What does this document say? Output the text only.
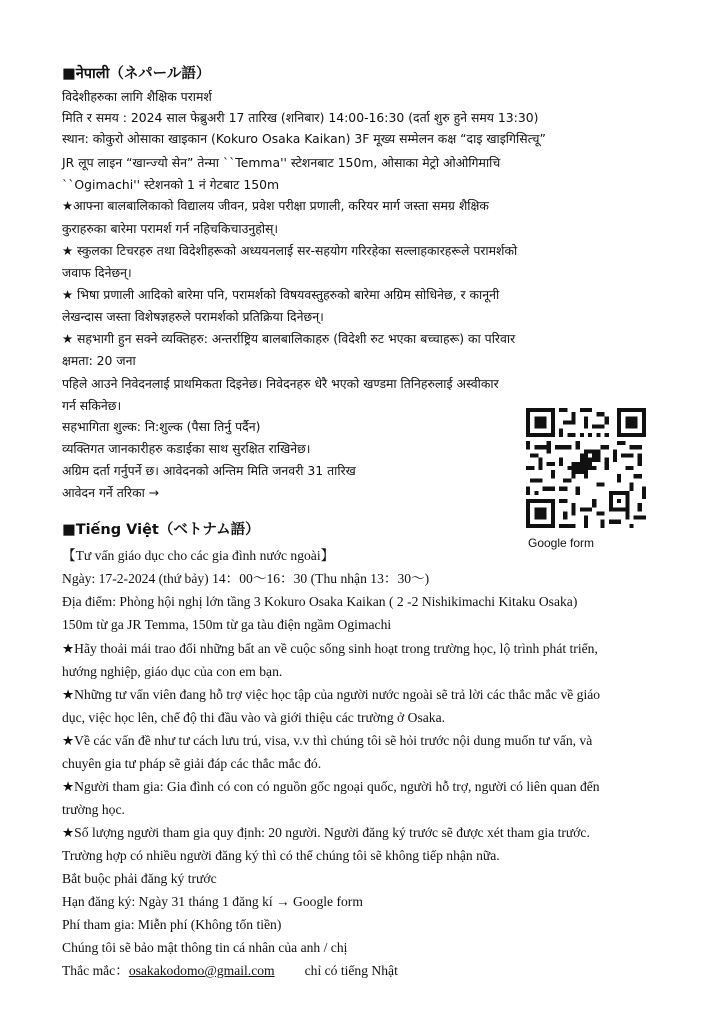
■नेपाली（ネパール語）
विदेशीहरुका लागि शैक्षिक परामर्श
मिति र समय : 2024 साल फेब्रुअरी 17 तारिख (शनिबार) 14:00-16:30 (दर्ता शुरु हुने समय 13:30)
स्थान: कोकुरो ओसाका खाइकान (Kokuro Osaka Kaikan) 3F मूख्य सम्मेलन कक्ष “दाइ खाइगिसित्चू”
JR लूप लाइन “खान्ज्यो सेन” तेन्मा ``Temma'' स्टेशनबाट 150m, ओसाका मेट्रो ओओगिमाचि
``Ogimachi'' स्टेशनको 1 नं गेटबाट 150m
★आफ्ना बालबालिकाको विद्यालय जीवन, प्रवेश परीक्षा प्रणाली, करियर मार्ग जस्ता समग्र शैक्षिक
कुराहरुका बारेमा परामर्श गर्न नहिचकिचाउनुहोस्।
★ स्कुलका टिचरहरु तथा विदेशीहरूको अध्ययनलाई सर-सहयोग गरिरहेका सल्लाहकारहरूले परामर्शको
जवाफ दिनेछन्।
★ भिषा प्रणाली आदिको बारेमा पनि, परामर्शको विषयवस्तुहरुको बारेमा अग्रिम सोधिनेछ, र कानूनी
लेखन्दास जस्ता विशेषज्ञहरुले परामर्शको प्रतिक्रिया दिनेछन्।
★ सहभागी हुन सक्ने व्यक्तिहरु: अन्तर्राष्ट्रिय बालबालिकाहरु (विदेशी रुट भएका बच्चाहरू) का परिवार
क्षमता: 20 जना
पहिले आउने निवेदनलाई प्राथमिकता दिइनेछ। निवेदनहरु धेरै भएको खण्डमा तिनिहरुलाई अस्वीकार
गर्न सकिनेछ।
सहभागिता शुल्क: नि:शुल्क (पैसा तिर्नु पर्दैन)
व्यक्तिगत जानकारीहरु कडाईका साथ सुरक्षित राखिनेछ।
अग्रिम दर्ता गर्नुपर्ने छ। आवेदनको अन्तिम मिति जनवरी 31 तारिख
आवेदन गर्ने तरिका →
Google form
■Tiếng Việt（ベトナム語）
【Tư vấn giáo dục cho các gia đình nước ngoài】
Ngày: 17-2-2024 (thứ bảy) 14：00～16：30 (Thu nhận 13：30～)
Địa điểm: Phòng hội nghị lớn tầng 3 Kokuro Osaka Kaikan ( 2 -2 Nishikimachi Kitaku Osaka)
150m từ ga JR Temma, 150m từ ga tàu điện ngầm Ogimachi
★Hãy thoải mái trao đổi những bất an về cuộc sống sinh hoạt trong trường học, lộ trình phát triển,
hướng nghiệp, giáo dục của con em bạn.
★Những tư vấn viên đang hỗ trợ việc học tập của người nước ngoài sẽ trả lời các thắc mắc về giáo
dục, việc học lên, chế độ thi đầu vào và giới thiệu các trường ở Osaka.
★Về các vấn đề như tư cách lưu trú, visa, v.v thì chúng tôi sẽ hỏi trước nội dung muốn tư vấn, và
chuyên gia tư pháp sẽ giải đáp các thắc mắc đó.
★Người tham gia: Gia đình có con có nguồn gốc ngoại quốc, người hỗ trợ, người có liên quan đến
trường học.
★Số lượng người tham gia quy định: 20 người. Người đăng ký trước sẽ được xét tham gia trước.
Trường hợp có nhiều người đăng ký thì có thể chúng tôi sẽ không tiếp nhận nữa.
Bắt buộc phải đăng ký trước
Hạn đăng ký: Ngày 31 tháng 1 đăng kí → Google form
Phí tham gia: Miễn phí (Không tốn tiền)
Chúng tôi sẽ bảo mật thông tin cá nhân của anh / chị
Thắc mắc：osakakodomo@gmail.com chỉ có tiếng Nhật
